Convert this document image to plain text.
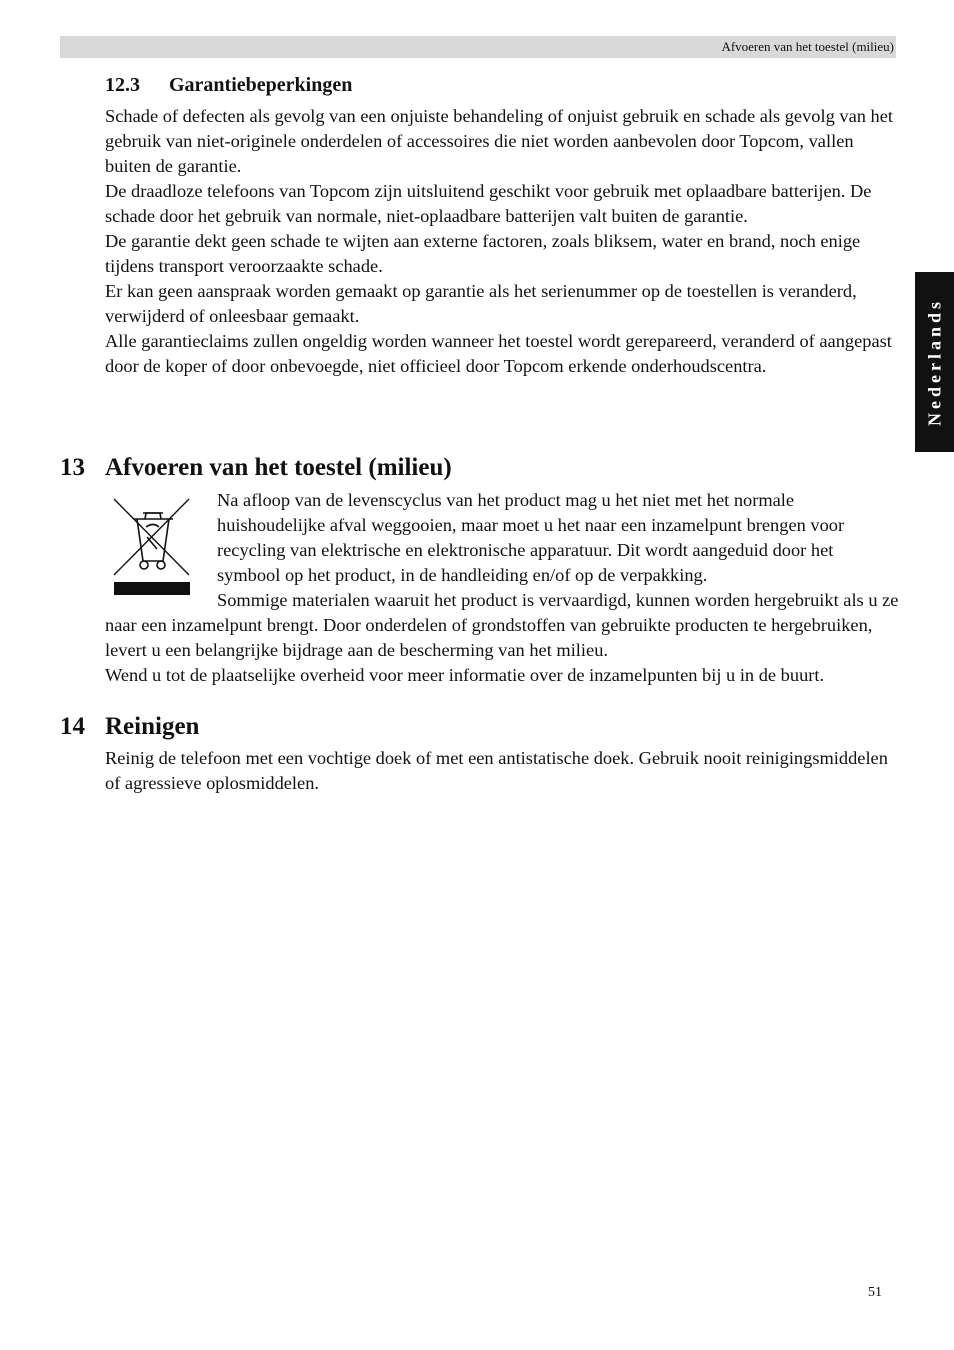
Afvoeren van het toestel (milieu)
Nederlands
12.3 Garantiebeperkingen

Schade of defecten als gevolg van een onjuiste behandeling of onjuist gebruik en schade als gevolg van het gebruik van niet-originele onderdelen of accessoires die niet worden aanbevolen door Topcom, vallen buiten de garantie.

De draadloze telefoons van Topcom zijn uitsluitend geschikt voor gebruik met oplaadbare batterijen. De schade door het gebruik van normale, niet-oplaadbare batterijen valt buiten de garantie.

De garantie dekt geen schade te wijten aan externe factoren, zoals bliksem, water en brand, noch enige tijdens transport veroorzaakte schade.

Er kan geen aanspraak worden gemaakt op garantie als het serienummer op de toestellen is veranderd, verwijderd of onleesbaar gemaakt.

Alle garantieclaims zullen ongeldig worden wanneer het toestel wordt gerepareerd, veranderd of aangepast door de koper of door onbevoegde, niet officieel door Topcom erkende onderhoudscentra.

13 Afvoeren van het toestel (milieu)

Na afloop van de levenscyclus van het product mag u het niet met het normale huishoudelijke afval weggooien, maar moet u het naar een inzamelpunt brengen voor recycling van elektrische en elektronische apparatuur. Dit wordt aangeduid door het symbool op het product, in de handleiding en/of op de verpakking.

Sommige materialen waaruit het product is vervaardigd, kunnen worden hergebruikt als u ze naar een inzamelpunt brengt. Door onderdelen of grondstoffen van gebruikte producten te hergebruiken, levert u een belangrijke bijdrage aan de bescherming van het milieu.

Wend u tot de plaatselijke overheid voor meer informatie over de inzamelpunten bij u in de buurt.

14 Reinigen

Reinig de telefoon met een vochtige doek of met een antistatische doek. Gebruik nooit reinigingsmiddelen of agressieve oplosmiddelen.

51
